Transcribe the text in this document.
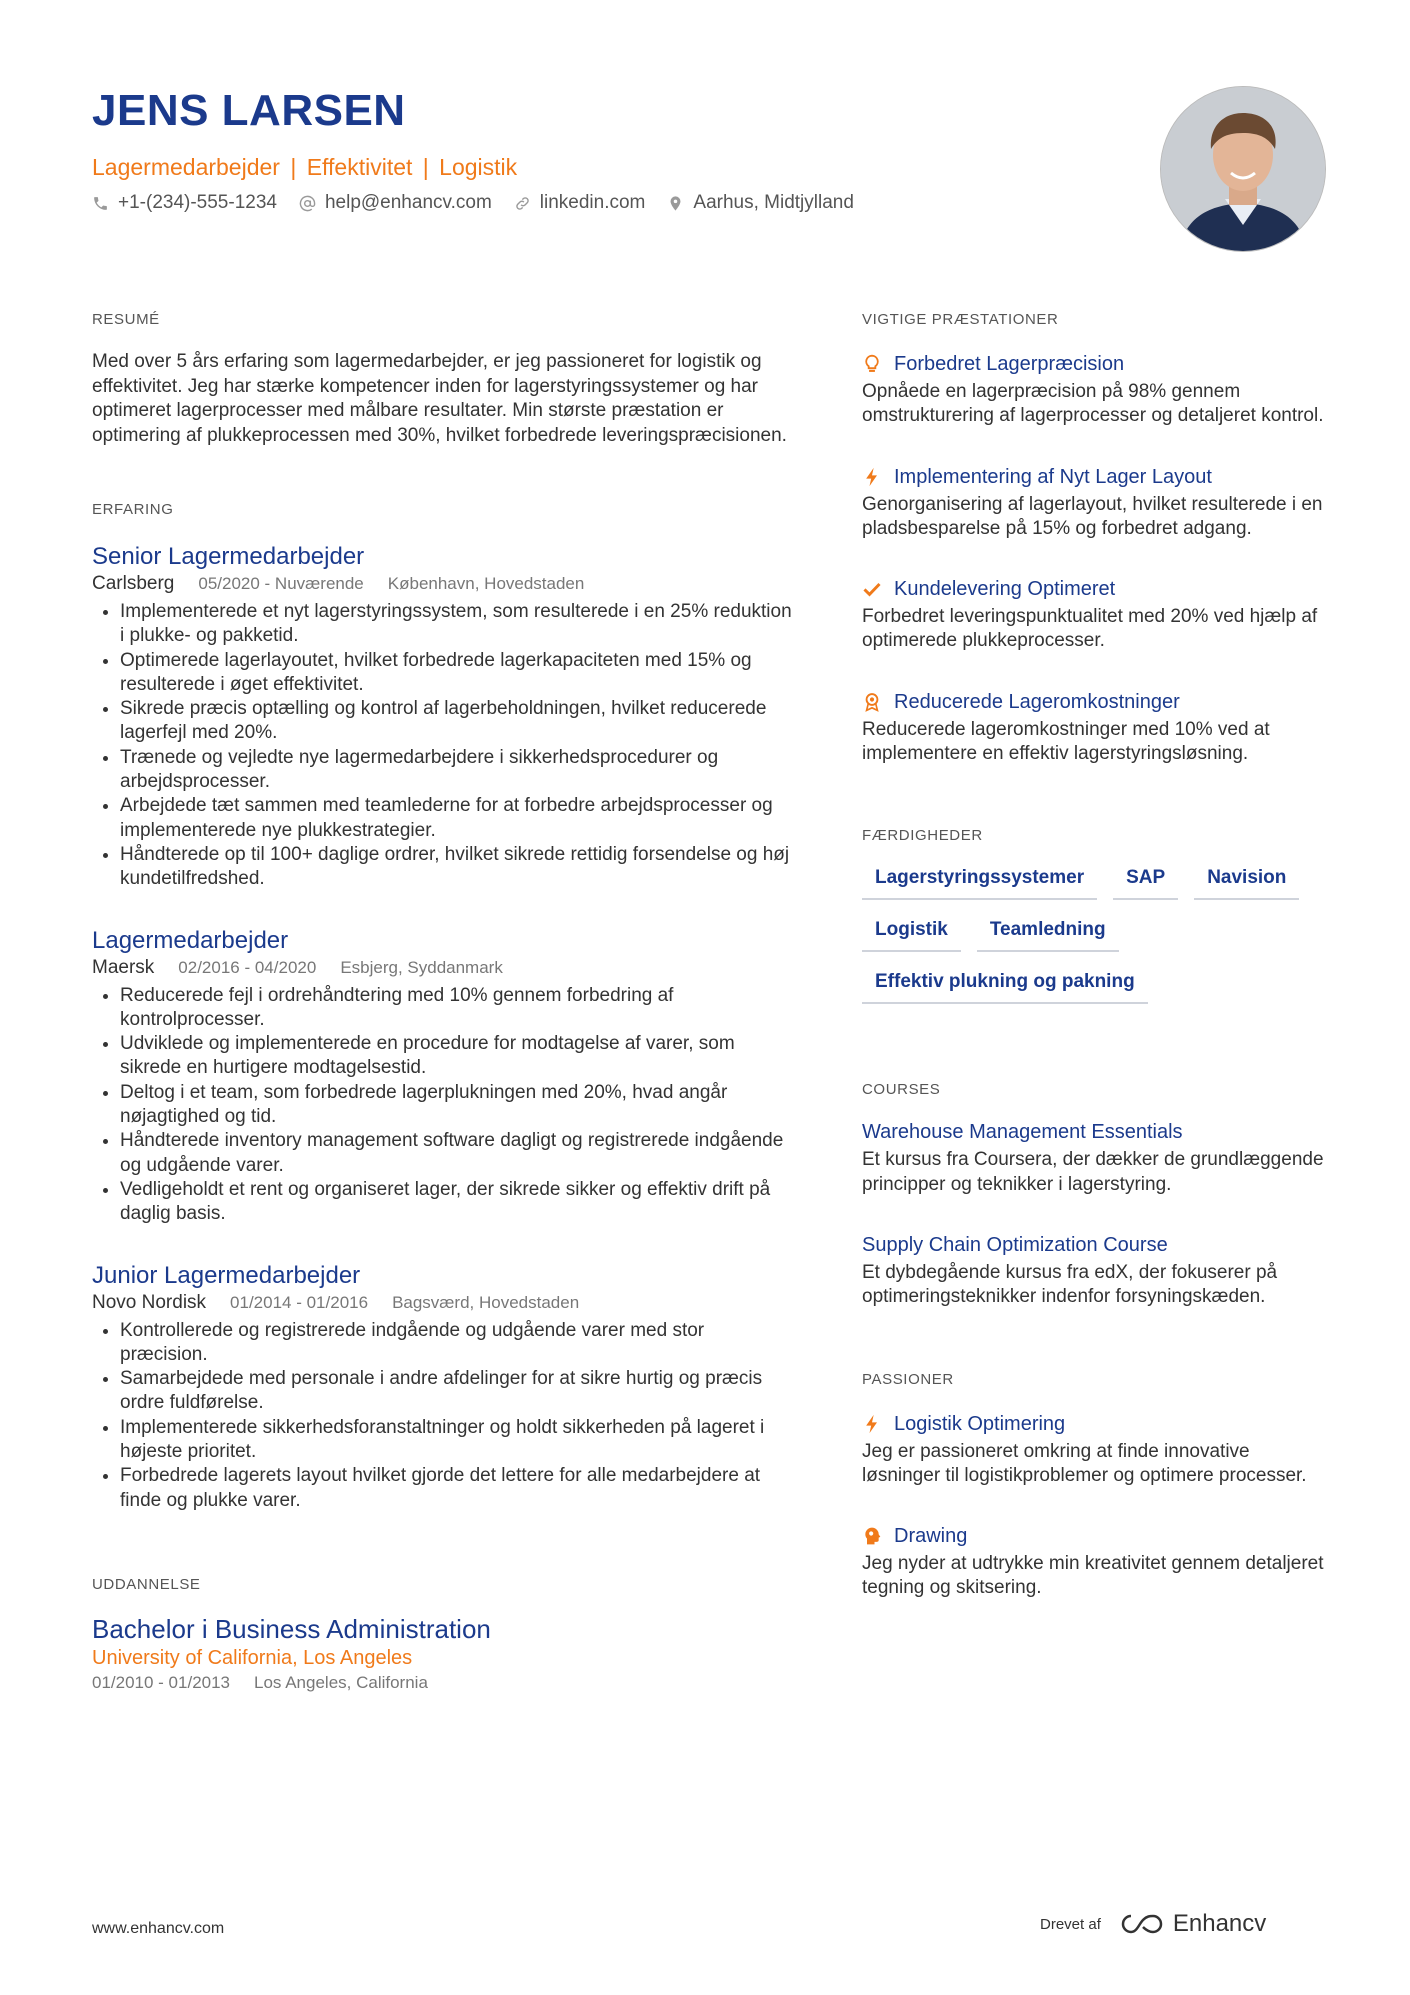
JENS LARSEN
Lagermedarbejder | Effektivitet | Logistik
+1-(234)-555-1234	help@enhancv.com	linkedin.com	Aarhus, Midtjylland
RESUMÉ
Med over 5 års erfaring som lagermedarbejder, er jeg passioneret for logistik og effektivitet. Jeg har stærke kompetencer inden for lagerstyringssystemer og har optimeret lagerprocesser med målbare resultater. Min største præstation er optimering af plukkeprocessen med 30%, hvilket forbedrede leveringspræcisionen.
ERFARING
Senior Lagermedarbejder
Carlsberg 05/2020 - Nuværende København, Hovedstaden
• Implementerede et nyt lagerstyringssystem, som resulterede i en 25% reduktion i plukke- og pakketid.
• Optimerede lagerlayoutet, hvilket forbedrede lagerkapaciteten med 15% og resulterede i øget effektivitet.
• Sikrede præcis optælling og kontrol af lagerbeholdningen, hvilket reducerede lagerfejl med 20%.
• Trænede og vejledte nye lagermedarbejdere i sikkerhedsprocedurer og arbejdsprocesser.
• Arbejdede tæt sammen med teamlederne for at forbedre arbejdsprocesser og implementerede nye plukkestrategier.
• Håndterede op til 100+ daglige ordrer, hvilket sikrede rettidig forsendelse og høj kundetilfredshed.
Lagermedarbejder
Maersk 02/2016 - 04/2020 Esbjerg, Syddanmark
• Reducerede fejl i ordrehåndtering med 10% gennem forbedring af kontrolprocesser.
• Udviklede og implementerede en procedure for modtagelse af varer, som sikrede en hurtigere modtagelsestid.
• Deltog i et team, som forbedrede lagerplukningen med 20%, hvad angår nøjagtighed og tid.
• Håndterede inventory management software dagligt og registrerede indgående og udgående varer.
• Vedligeholdt et rent og organiseret lager, der sikrede sikker og effektiv drift på daglig basis.
Junior Lagermedarbejder
Novo Nordisk 01/2014 - 01/2016 Bagsværd, Hovedstaden
• Kontrollerede og registrerede indgående og udgående varer med stor præcision.
• Samarbejdede med personale i andre afdelinger for at sikre hurtig og præcis ordre fuldførelse.
• Implementerede sikkerhedsforanstaltninger og holdt sikkerheden på lageret i højeste prioritet.
• Forbedrede lagerets layout hvilket gjorde det lettere for alle medarbejdere at finde og plukke varer.
UDDANNELSE
Bachelor i Business Administration
University of California, Los Angeles
01/2010 - 01/2013 Los Angeles, California
VIGTIGE PRÆSTATIONER
Forbedret Lagerpræcision
Opnåede en lagerpræcision på 98% gennem omstrukturering af lagerprocesser og detaljeret kontrol.
Implementering af Nyt Lager Layout
Genorganisering af lagerlayout, hvilket resulterede i en pladsbesparelse på 15% og forbedret adgang.
Kundelevering Optimeret
Forbedret leveringspunktualitet med 20% ved hjælp af optimerede plukkeprocesser.
Reducerede Lageromkostninger
Reducerede lageromkostninger med 10% ved at implementere en effektiv lagerstyringsløsning.
FÆRDIGHEDER
Lagerstyringssystemer	SAP	Navision
Logistik	Teamledning
Effektiv plukning og pakning
COURSES
Warehouse Management Essentials
Et kursus fra Coursera, der dækker de grundlæggende principper og teknikker i lagerstyring.
Supply Chain Optimization Course
Et dybdegående kursus fra edX, der fokuserer på optimeringsteknikker indenfor forsyningskæden.
PASSIONER
Logistik Optimering
Jeg er passioneret omkring at finde innovative løsninger til logistikproblemer og optimere processer.
Drawing
Jeg nyder at udtrykke min kreativitet gennem detaljeret tegning og skitsering.
www.enhancv.com	Drevet af	Enhancv
